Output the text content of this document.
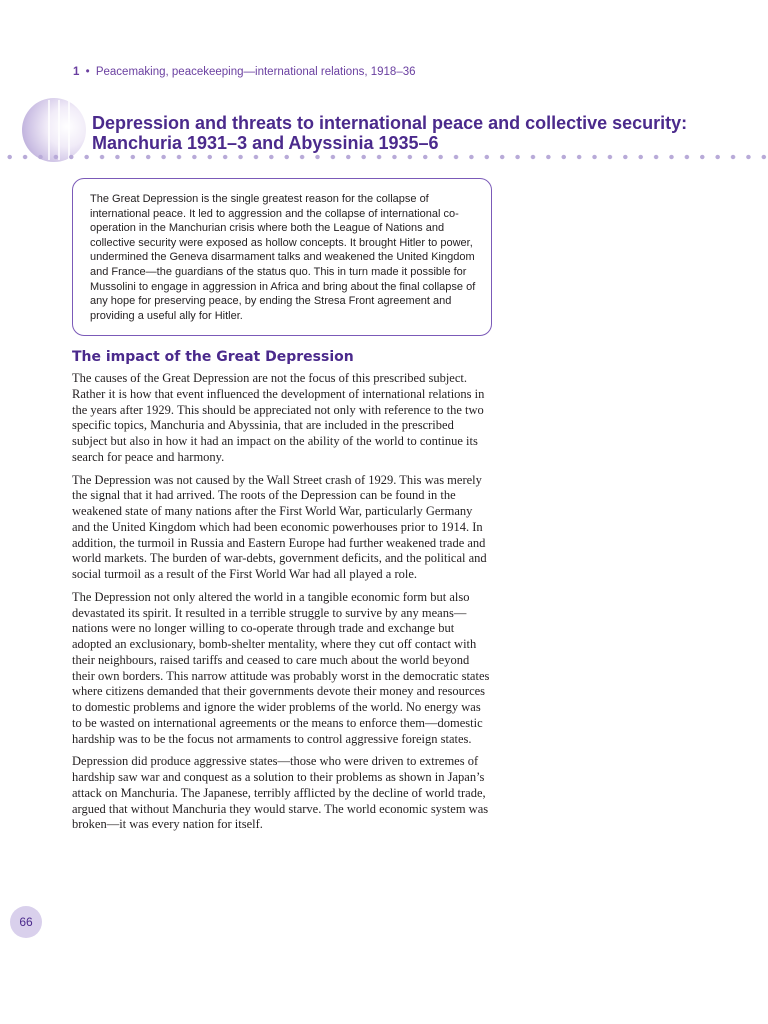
1 • Peacemaking, peacekeeping—international relations, 1918–36
Depression and threats to international peace and collective security: Manchuria 1931–3 and Abyssinia 1935–6

The Great Depression is the single greatest reason for the collapse of international peace. It led to aggression and the collapse of international co-operation in the Manchurian crisis where both the League of Nations and collective security were exposed as hollow concepts. It brought Hitler to power, undermined the Geneva disarmament talks and weakened the United Kingdom and France—the guardians of the status quo. This in turn made it possible for Mussolini to engage in aggression in Africa and bring about the final collapse of any hope for preserving peace, by ending the Stresa Front agreement and providing a useful ally for Hitler.

The impact of the Great Depression

The causes of the Great Depression are not the focus of this prescribed subject. Rather it is how that event influenced the development of international relations in the years after 1929. This should be appreciated not only with reference to the two specific topics, Manchuria and Abyssinia, that are included in the prescribed subject but also in how it had an impact on the ability of the world to continue its search for peace and harmony.

The Depression was not caused by the Wall Street crash of 1929. This was merely the signal that it had arrived. The roots of the Depression can be found in the weakened state of many nations after the First World War, particularly Germany and the United Kingdom which had been economic powerhouses prior to 1914. In addition, the turmoil in Russia and Eastern Europe had further weakened trade and world markets. The burden of war-debts, government deficits, and the political and social turmoil as a result of the First World War had all played a role.

The Depression not only altered the world in a tangible economic form but also devastated its spirit. It resulted in a terrible struggle to survive by any means—nations were no longer willing to co-operate through trade and exchange but adopted an exclusionary, bomb-shelter mentality, where they cut off contact with their neighbours, raised tariffs and ceased to care much about the world beyond their own borders. This narrow attitude was probably worst in the democratic states where citizens demanded that their governments devote their money and resources to domestic problems and ignore the wider problems of the world. No energy was to be wasted on international agreements or the means to enforce them—domestic hardship was to be the focus not armaments to control aggressive foreign states.

Depression did produce aggressive states—those who were driven to extremes of hardship saw war and conquest as a solution to their problems as shown in Japan’s attack on Manchuria. The Japanese, terribly afflicted by the decline of world trade, argued that without Manchuria they would starve. The world economic system was broken—it was every nation for itself.

66
